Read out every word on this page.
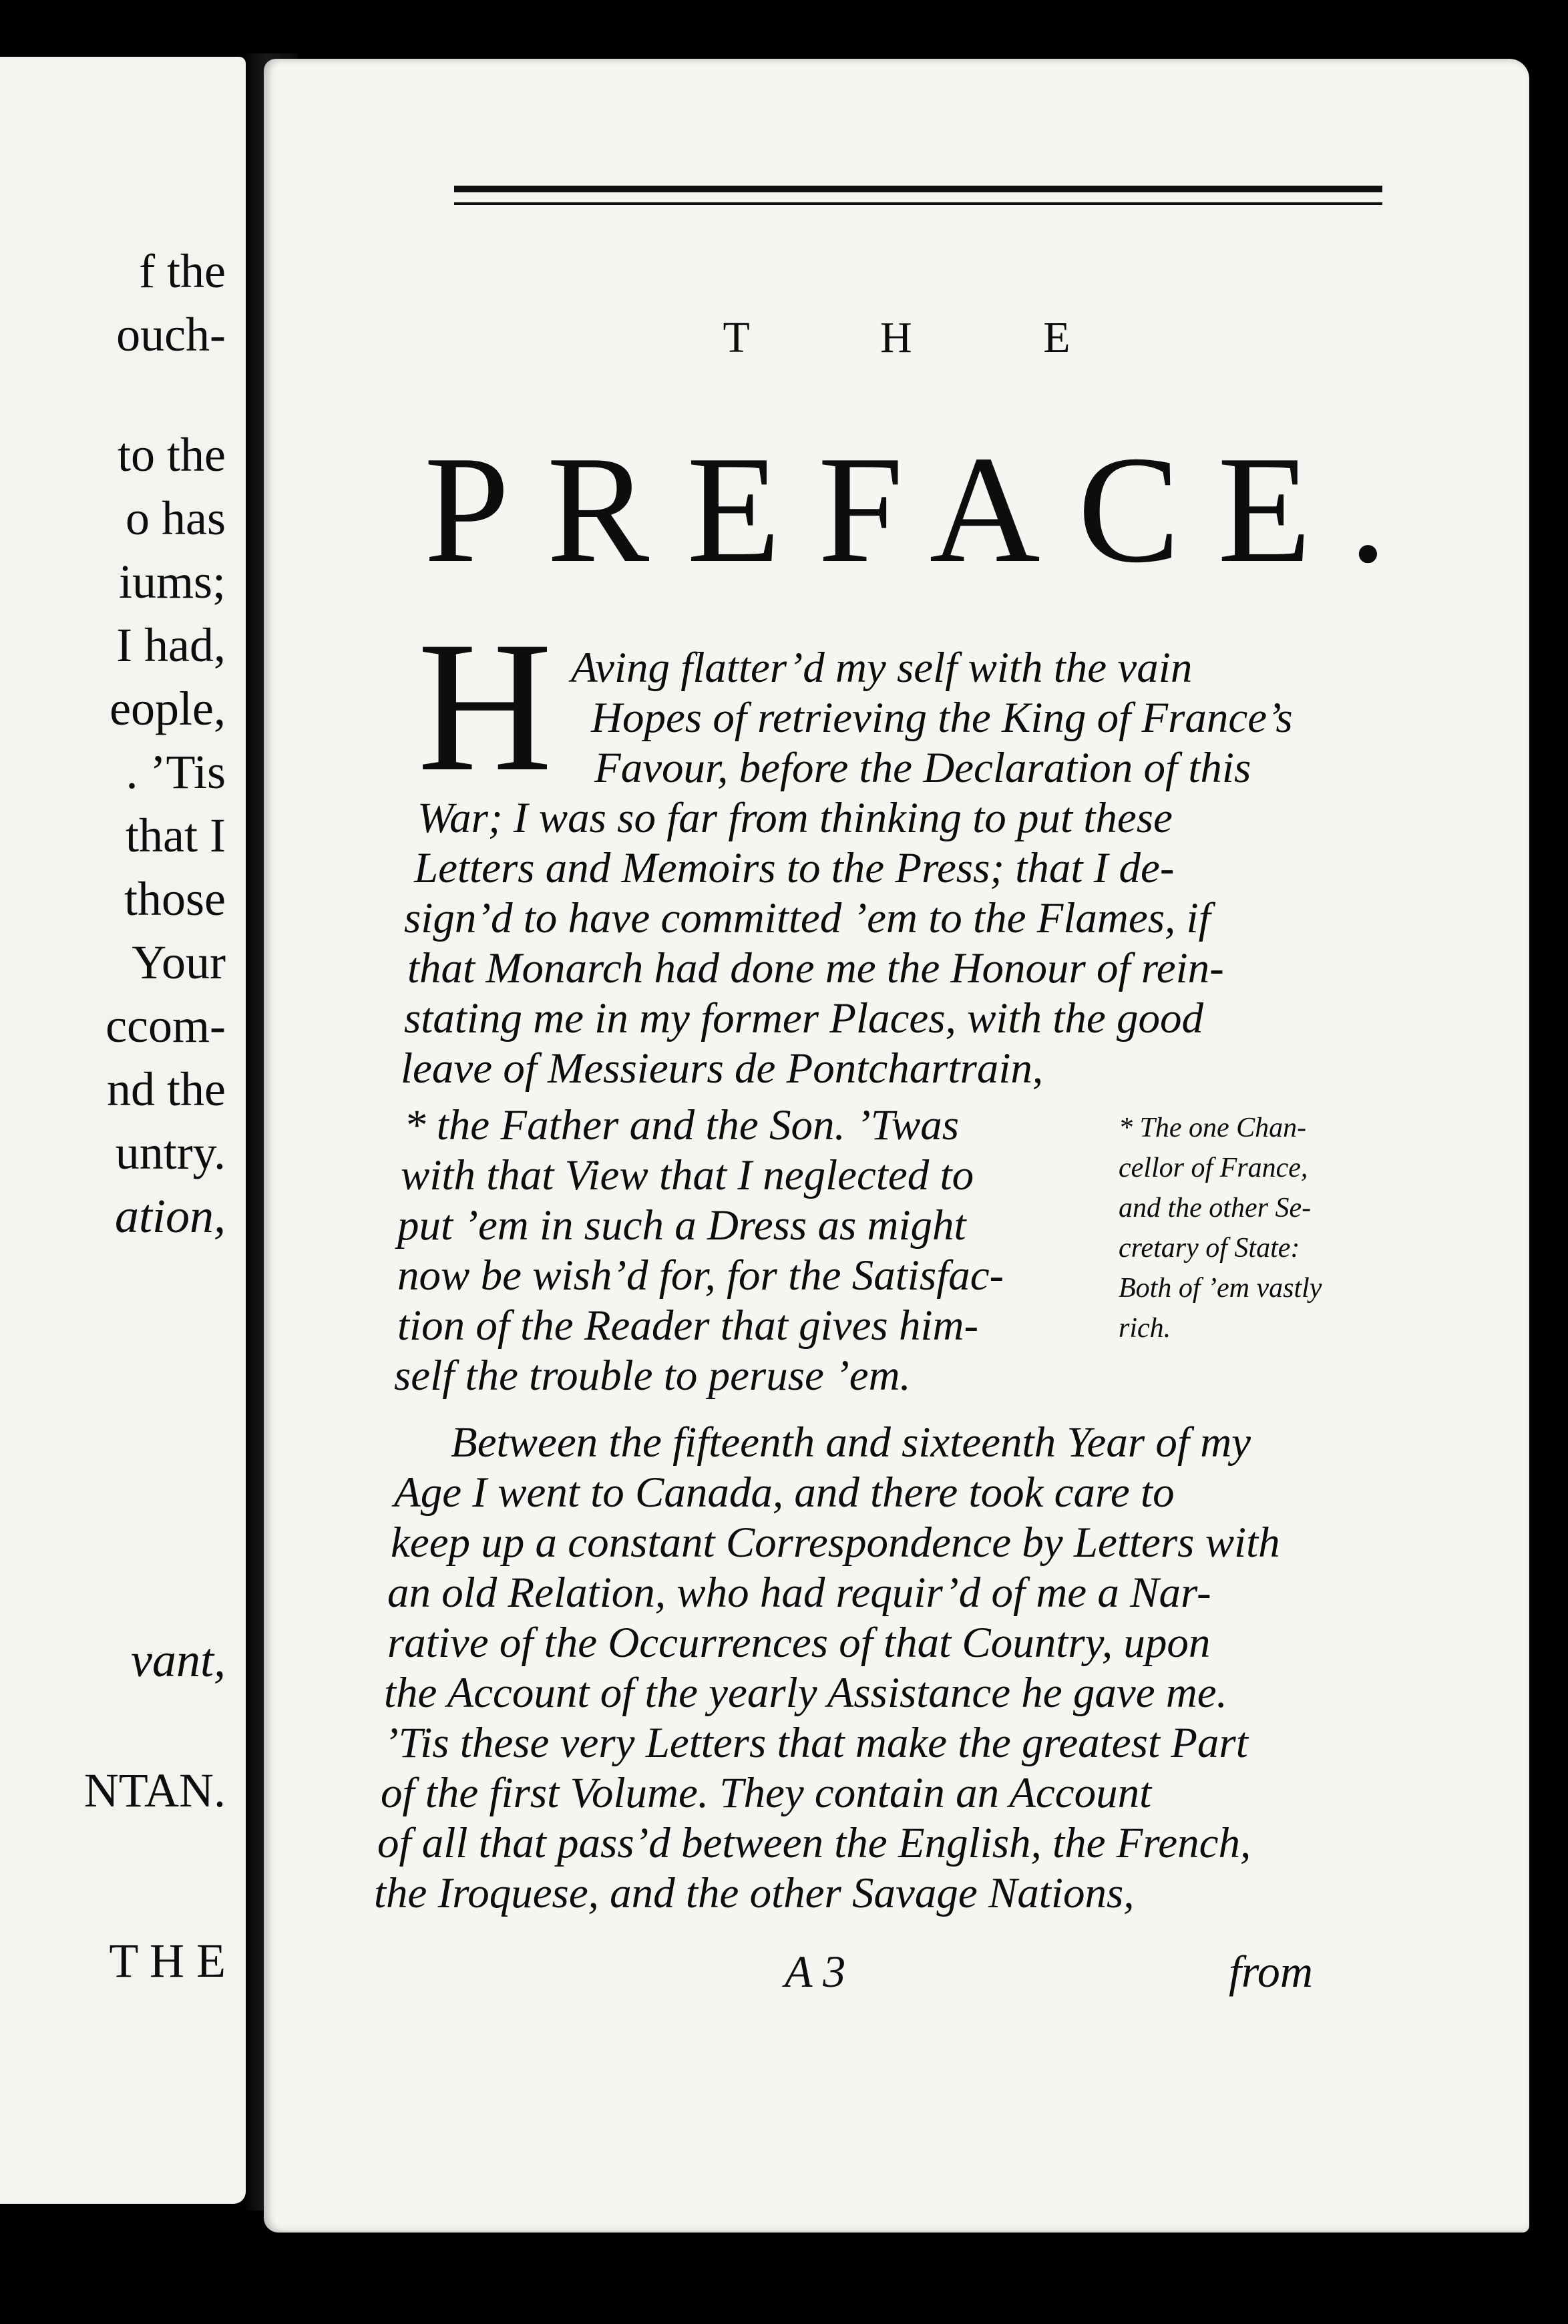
f the
ouch-
to the
o has
iums;
I had,
eople,
. ’Tis
that I
those
Your
ccom-
nd the
untry.
ation,
vant,
NTAN.
T H E
T H E
PREFACE.
H Aving flatter’d my self with the vain
Hopes of retrieving the King of France’s
Favour, before the Declaration of this
War; I was so far from thinking to put these
Letters and Memoirs to the Press; that I de-
sign’d to have committed ’em to the Flames, if
that Monarch had done me the Honour of rein-
stating me in my former Places, with the good
leave of Messieurs de Pontchartrain,
* the Father and the Son. ’Twas
with that View that I neglected to
put ’em in such a Dress as might
now be wish’d for, for the Satisfac-
tion of the Reader that gives him-
self the trouble to peruse ’em.
* The one Chan-
cellor of France,
and the other Se-
cretary of State:
Both of ’em vastly
rich.
Between the fifteenth and sixteenth Year of my
Age I went to Canada, and there took care to
keep up a constant Correspondence by Letters with
an old Relation, who had requir’d of me a Nar-
rative of the Occurrences of that Country, upon
the Account of the yearly Assistance he gave me.
’Tis these very Letters that make the greatest Part
of the first Volume. They contain an Account
of all that pass’d between the English, the French,
the Iroquese, and the other Savage Nations,
A 3	from
